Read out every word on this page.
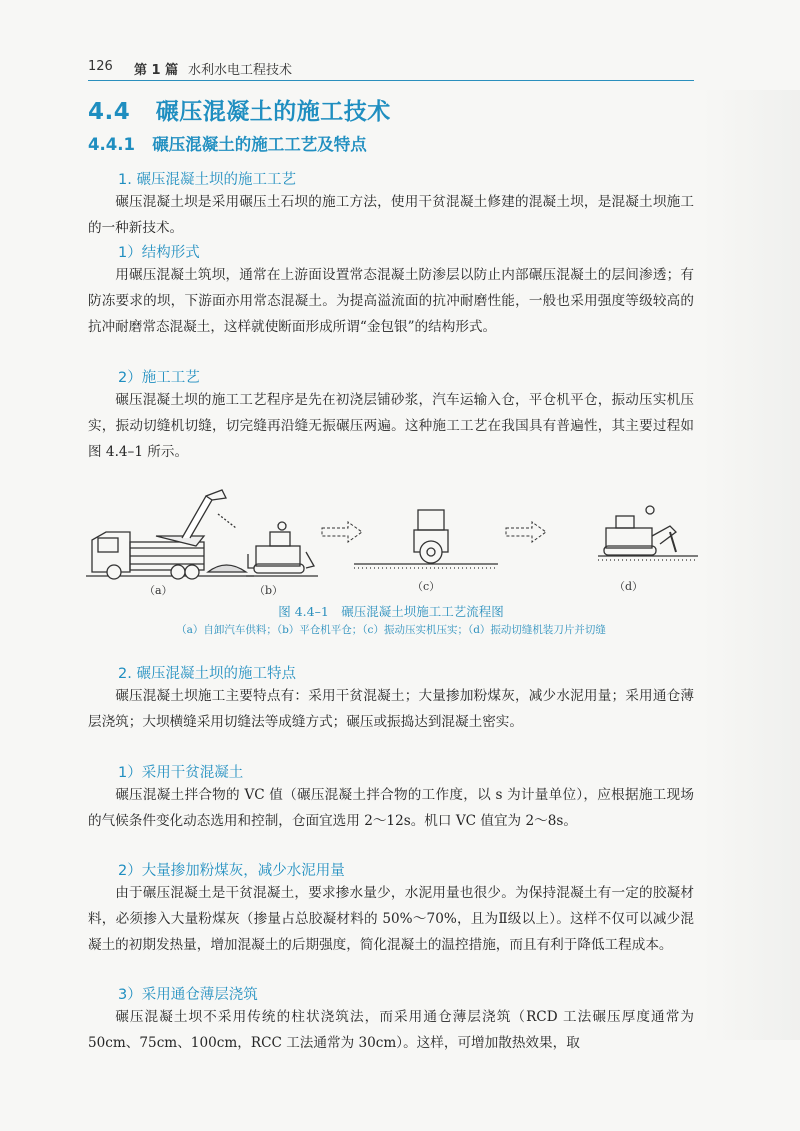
126 第 1 篇 水利水电工程技术
4.4 碾压混凝土的施工技术
4.4.1 碾压混凝土的施工工艺及特点
1. 碾压混凝土坝的施工工艺
碾压混凝土坝是采用碾压土石坝的施工方法，使用干贫混凝土修建的混凝土坝，是混凝土坝施工的一种新技术。
1）结构形式
用碾压混凝土筑坝，通常在上游面设置常态混凝土防渗层以防止内部碾压混凝土的层间渗透；有防冻要求的坝，下游面亦用常态混凝土。为提高溢流面的抗冲耐磨性能，一般也采用强度等级较高的抗冲耐磨常态混凝土，这样就使断面形成所谓“金包银”的结构形式。
2）施工工艺
碾压混凝土坝的施工工艺程序是先在初浇层铺砂浆，汽车运输入仓，平仓机平仓，振动压实机压实，振动切缝机切缝，切完缝再沿缝无振碾压两遍。这种施工工艺在我国具有普遍性，其主要过程如图 4.4–1 所示。
（a）	（b）	（c）	（d）
图 4.4–1　碾压混凝土坝施工工艺流程图
（a）自卸汽车供料；（b）平仓机平仓；（c）振动压实机压实；（d）振动切缝机装刀片并切缝
2. 碾压混凝土坝的施工特点
碾压混凝土坝施工主要特点有：采用干贫混凝土；大量掺加粉煤灰，减少水泥用量；采用通仓薄层浇筑；大坝横缝采用切缝法等成缝方式；碾压或振捣达到混凝土密实。
1）采用干贫混凝土
碾压混凝土拌合物的 VC 值（碾压混凝土拌合物的工作度，以 s 为计量单位），应根据施工现场的气候条件变化动态选用和控制，仓面宜选用 2～12s。机口 VC 值宜为 2～8s。
2）大量掺加粉煤灰，减少水泥用量
由于碾压混凝土是干贫混凝土，要求掺水量少，水泥用量也很少。为保持混凝土有一定的胶凝材料，必须掺入大量粉煤灰（掺量占总胶凝材料的 50%～70%，且为Ⅱ级以上）。这样不仅可以减少混凝土的初期发热量，增加混凝土的后期强度，简化混凝土的温控措施，而且有利于降低工程成本。
3）采用通仓薄层浇筑
碾压混凝土坝不采用传统的柱状浇筑法，而采用通仓薄层浇筑（RCD 工法碾压厚度通常为 50cm、75cm、100cm，RCC 工法通常为 30cm）。这样，可增加散热效果，取
